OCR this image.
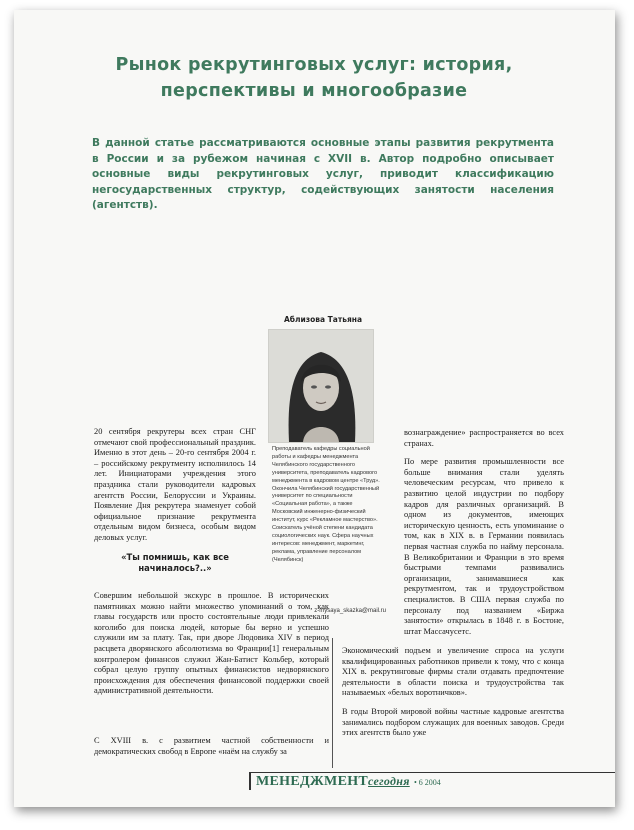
Рынок рекрутинговых услуг: история,
перспективы и многообразие
В данной статье рассматриваются основные этапы развития рекрутмента в России и за рубежом начиная с XVII в. Автор подробно описывает основные виды рекрутинговых услуг, приводит классификацию негосударственных структур, содействующих занятости населения (агентств).
Аблизова Татьяна
Преподаватель кафедры социальной работы и кафедры менеджмента Челябинского государственного университета, преподаватель кадрового менеджмента в кадровом центре «Труд». Окончила Челябинский государственный университет по специальности «Социальная работа», а также Московский инженерно-физический институт, курс «Рекламное мастерство». Соискатель учёной степени кандидата социологических наук. Сфера научных интересов: менеджмент, маркетинг, реклама, управление персоналом (Челябинск)
z-mysaya_skazka@mail.ru

20 сентября рекрутеры всех стран СНГ отмечают свой профессиональный праздник. Именно в этот день – 20-го сентября 2004 г. – российскому рекрутменту исполнилось 14 лет. Инициаторами учреждения этого праздника стали руководители кадровых агентств России, Белоруссии и Украины. Появление Дня рекрутера знаменует собой официальное признание рекрутмента отдельным видом бизнеса, особым видом деловых услуг.

«Ты помнишь, как все начиналось?..»

Совершим небольшой экскурс в прошлое. В исторических памятниках можно найти множество упоминаний о том, как главы государств или просто состоятельные люди привлекали коголибо для поиска людей, которые бы верно и успешно служили им за плату. Так, при дворе Людовика XIV в период расцвета дворянского абсолютизма во Франции[1] генеральным контролером финансов служил Жан-Батист Кольбер, который собрал целую группу опытных финансистов недворянского происхождения для обеспечения финансовой поддержки своей административной деятельности.

С XVIII в. с развитием частной собственности и демократических свобод в Европе «наём на службу за

вознаграждение» распространяется во всех странах.

По мере развития промышленности все больше внимания стали уделять человеческим ресурсам, что привело к развитию целой индустрии по подбору кадров для различных организаций. В одном из документов, имеющих историческую ценность, есть упоминание о том, как в XIX в. в Германии появилась первая частная служба по найму персонала. В Великобритании и Франции в это время быстрыми темпами развивались организации, занимавшиеся как рекрутментом, так и трудоустройством специалистов. В США первая служба по персоналу под названием «Биржа занятости» открылась в 1848 г. в Бостоне, штат Массачусетс.

Экономический подъем и увеличение спроса на услуги квалифицированных работников привели к тому, что с конца XIX в. рекрутинговые фирмы стали отдавать предпочтение деятельности в области поиска и трудоустройства так называемых «белых воротничков».

В годы Второй мировой войны частные кадровые агентства занимались подбором служащих для военных заводов. Среди этих агентств было уже

МЕНЕДЖМЕНТсегодня • 6 2004
